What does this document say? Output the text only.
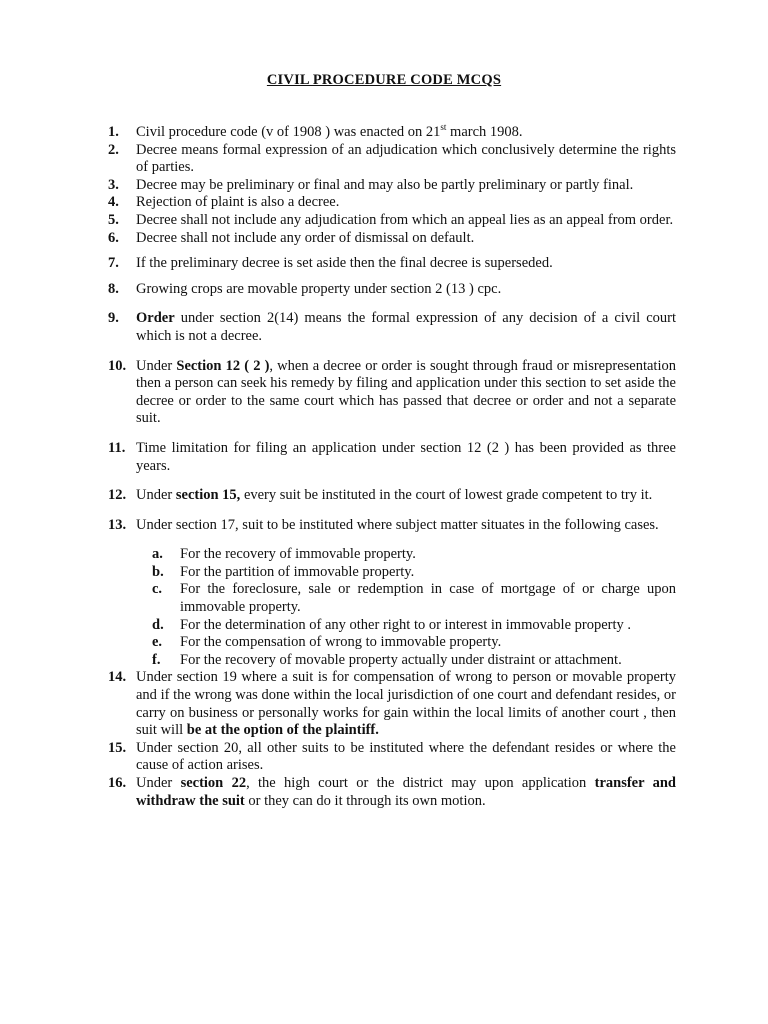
CIVIL PROCEDURE CODE MCQS
1.	Civil procedure code (v of 1908 ) was enacted on 21st march 1908.
2.	Decree means formal expression of an adjudication which conclusively determine the rights of parties.
3.	Decree may be preliminary or final and may also be partly preliminary or partly final.
4.	Rejection of plaint is also a decree.
5.	Decree shall not include any adjudication from which an appeal lies as an appeal from order.
6.	Decree shall not include any order of dismissal on default.
7.	If the preliminary decree is set aside then the final decree is superseded.
8.	Growing crops are movable property under section 2 (13 ) cpc.
9.	Order under section 2(14) means the formal expression of any decision of a civil court which is not a decree.
10. Under Section 12 ( 2 ), when a decree or order is sought through fraud or misrepresentation then a person can seek his remedy by filing and application under this section to set aside the decree or order to the same court which has passed that decree or order and not a separate suit.
11. Time limitation for filing an application under section 12 (2 ) has been provided as three years.
12. Under section 15, every suit be instituted in the court of lowest grade competent to try it.
13. Under section 17, suit to be instituted where subject matter situates in the following cases.
a.	For the recovery of immovable property.
b.	For the partition of immovable property.
c.	For the foreclosure, sale or redemption in case of mortgage of or charge upon immovable property.
d.	For the determination of any other right to or interest in immovable property .
e.	For the compensation of wrong to immovable property.
f.	For the recovery of movable property actually under distraint or attachment.
14. Under section 19 where a suit is for compensation of wrong to person or movable property and if the wrong was done within the local jurisdiction of one court and defendant resides, or carry on business or personally works for gain within the local limits of another court , then suit will be at the option of the plaintiff.
15. Under section 20, all other suits to be instituted where the defendant resides or where the cause of action arises.
16. Under section 22, the high court or the district may upon application transfer and withdraw the suit or they can do it through its own motion.
